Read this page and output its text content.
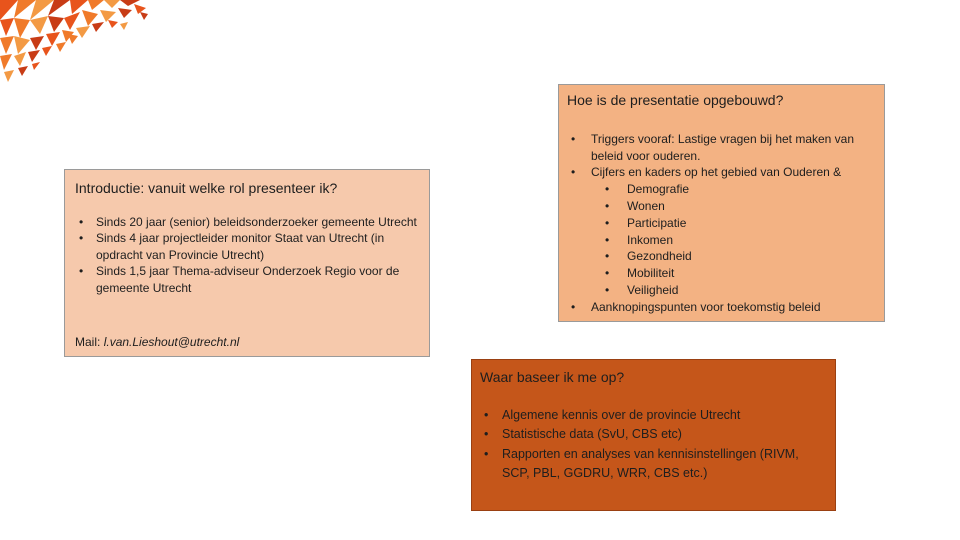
Introductie: vanuit welke rol presenteer ik?
• Sinds 20 jaar (senior) beleidsonderzoeker gemeente Utrecht
• Sinds 4 jaar projectleider monitor Staat van Utrecht (in opdracht van Provincie Utrecht)
• Sinds 1,5 jaar Thema-adviseur Onderzoek Regio voor de gemeente Utrecht
Mail: l.van.Lieshout@utrecht.nl
Hoe is de presentatie opgebouwd?
• Triggers vooraf: Lastige vragen bij het maken van beleid voor ouderen.
• Cijfers en kaders op het gebied van Ouderen &
• Demografie
• Wonen
• Participatie
• Inkomen
• Gezondheid
• Mobiliteit
• Veiligheid
• Aanknopingspunten voor toekomstig beleid
Waar baseer ik me op?
• Algemene kennis over de provincie Utrecht
• Statistische data (SvU, CBS etc)
• Rapporten en analyses van kennisinstellingen (RIVM, SCP, PBL, GGDRU, WRR, CBS etc.)
